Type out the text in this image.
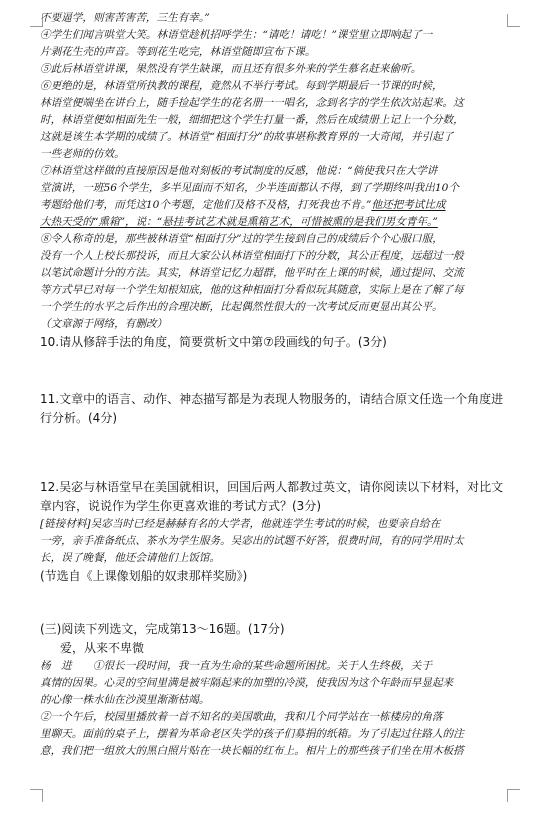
不要逼学，则害苦害苦，三生有幸。”
④学生们闻言哄堂大笑。林语堂趁机招呼学生：“请吃！请吃！”课堂里立即响起了一
片剥花生壳的声音。等到花生吃完，林语堂随即宣布下课。
⑤此后林语堂讲课，果然没有学生缺课，而且还有很多外来的学生慕名赶来偷听。
⑥更绝的是，林语堂所执教的课程，竟然从不举行考试。每到学期最后一节课的时候，
林语堂便端坐在讲台上，随手捡起学生的花名册一一唱名，念到名字的学生依次站起来。这
时，林语堂便如相面先生一般，细细把这个学生打量一番，然后在成绩册上记上一个分数，
这就是该生本学期的成绩了。林语堂“相面打分”的故事堪称教育界的一大奇闻，并引起了
一些老师的仿效。
⑦林语堂这样做的直接原因是他对刻板的考试制度的反感，他说：“倘使我只在大学讲
堂演讲，一班56个学生，多半见面而不知名，少半连面都认不得，到了学期终叫我出10个
考题给他们考，而凭这10个考题，定他们及格不及格，打死我也不肯。”他还把考试比成
大热天受的“熏箱”，说：“悬挂考试艺术就是熏箱艺术，可惜被熏的是我们男女青年。”
⑧令人称奇的是，那些被林语堂“相面打分”过的学生接到自己的成绩后个个心服口服，
没有一个人上校长那投诉，而且大家公认林语堂相面打下的分数，其公正程度，远超过一般
以笔试命题计分的方法。其实，林语堂记忆力超群，他平时在上课的时候，通过提问、交流
等方式早已对每一个学生知根知底，他的这种相面打分看似玩其随意，实际上是在了解了每
一个学生的水平之后作出的合理决断，比起偶然性很大的一次考试反而更显出其公平。
（文章源于网络，有删改）
10.请从修辞手法的角度，简要赏析文中第⑦段画线的句子。(3分)
11.文章中的语言、动作、神态描写都是为表现人物服务的，请结合原文任选一个角度进
行分析。(4分)
12.吴宓与林语堂早在美国就相识，回国后两人都教过英文，请你阅读以下材料，对比文
章内容，说说作为学生你更喜欢谁的考试方式？(3分)
[链接材料]吴宓当时已经是赫赫有名的大学者，他就连学生考试的时候，也要亲自给在
一旁，亲手准备纸点、茶水为学生服务。吴宓出的试题不好答，很费时间，有的同学用时太
长，误了晚餐，他还会请他们上饭馆。
(节选自《上课像划船的奴隶那样奖励》)
(三)阅读下列选文，完成第13～16题。(17分)
爱，从来不卑微
杨　进　　①很长一段时间，我一直为生命的某些命题所困扰。关于人生终极，关于
真情的因果。心灵的空间里满是被牢隔起来的加塑的冷漠，使我因为这个年龄而早显起来
的心像一株水仙在沙漠里渐渐枯竭。
②一个午后，校园里播放着一首不知名的美国歌曲，我和几个同学站在一栋楼房的角落
里聊天。面前的桌子上，摆着为革命老区失学的孩子们募捐的纸箱。为了引起过往路人的注
意，我们把一组放大的黑白照片贴在一块长幅的红布上。相片上的那些孩子们坐在用木板搭
